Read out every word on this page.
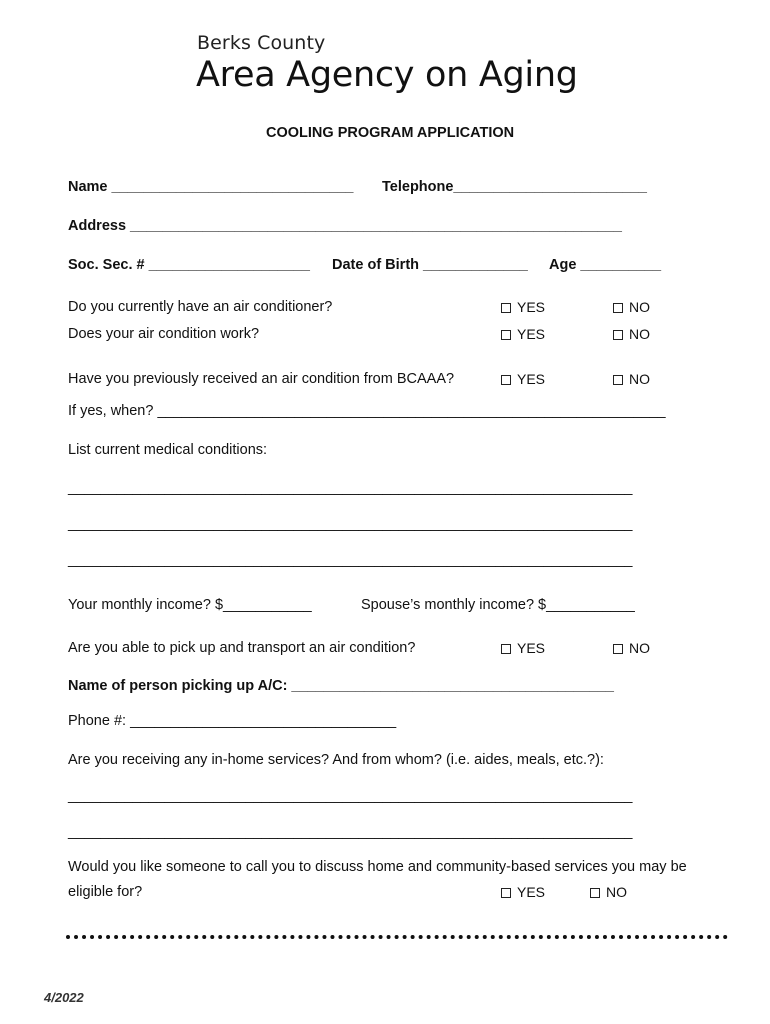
Berks County
Area Agency on Aging
COOLING PROGRAM APPLICATION
Name ______________________________ Telephone________________________
Address _____________________________________________________________
Soc. Sec. # ____________________ Date of Birth _____________ Age __________
Do you currently have an air conditioner?	YES	NO
Does your air condition work?	YES	NO
Have you previously received an air condition from BCAAA?	YES	NO
If yes, when? _______________________________________________________________
List current medical conditions:
______________________________________________________________________
______________________________________________________________________
______________________________________________________________________
Your monthly income? $___________	Spouse’s monthly income? $___________
Are you able to pick up and transport an air condition?	YES	NO
Name of person picking up A/C: ________________________________________
Phone #: _________________________________
Are you receiving any in-home services? And from whom? (i.e. aides, meals, etc.?):
______________________________________________________________________
______________________________________________________________________
Would you like someone to call you to discuss home and community-based services you may be
eligible for?	YES	NO
4/2022
